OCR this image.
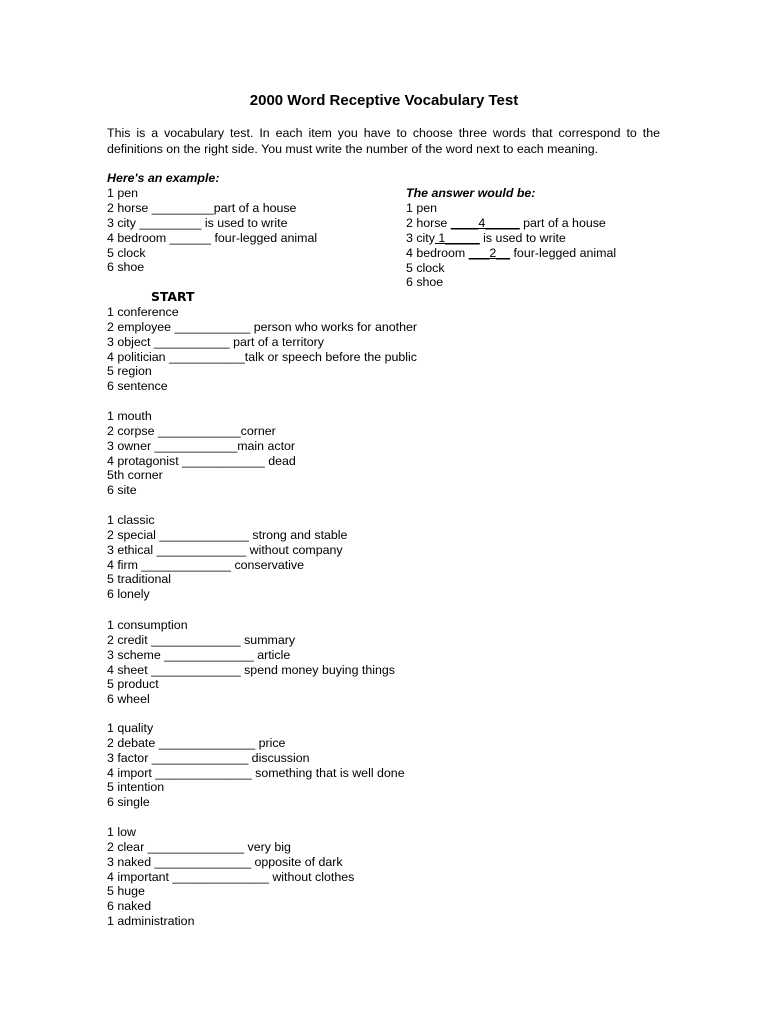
2000 Word Receptive Vocabulary Test
This is a vocabulary test. In each item you have to choose three words that correspond to the definitions on the right side. You must write the number of the word next to each meaning.
Here's an example:
1 pen
2 horse _________part of a house
3 city _________ is used to write
4 bedroom ______ four-legged animal
5 clock
6 shoe
The answer would be:
1 pen
2 horse ____4_____ part of a house
3 city 1_____ is used to write
4 bedroom ___2__ four-legged animal
5 clock
6 shoe
START
1 conference
2 employee ___________ person who works for another
3 object ___________ part of a territory
4 politician ___________talk or speech before the public
5 region
6 sentence
1 mouth
2 corpse ____________corner
3 owner ____________main actor
4 protagonist ____________ dead
5th corner
6 site
1 classic
2 special _____________ strong and stable
3 ethical _____________ without company
4 firm _____________ conservative
5 traditional
6 lonely
1 consumption
2 credit _____________ summary
3 scheme _____________ article
4 sheet _____________ spend money buying things
5 product
6 wheel
1 quality
2 debate ______________ price
3 factor ______________ discussion
4 import ______________ something that is well done
5 intention
6 single
1 low
2 clear ______________ very big
3 naked ______________ opposite of dark
4 important ______________ without clothes
5 huge
6 naked
1 administration
